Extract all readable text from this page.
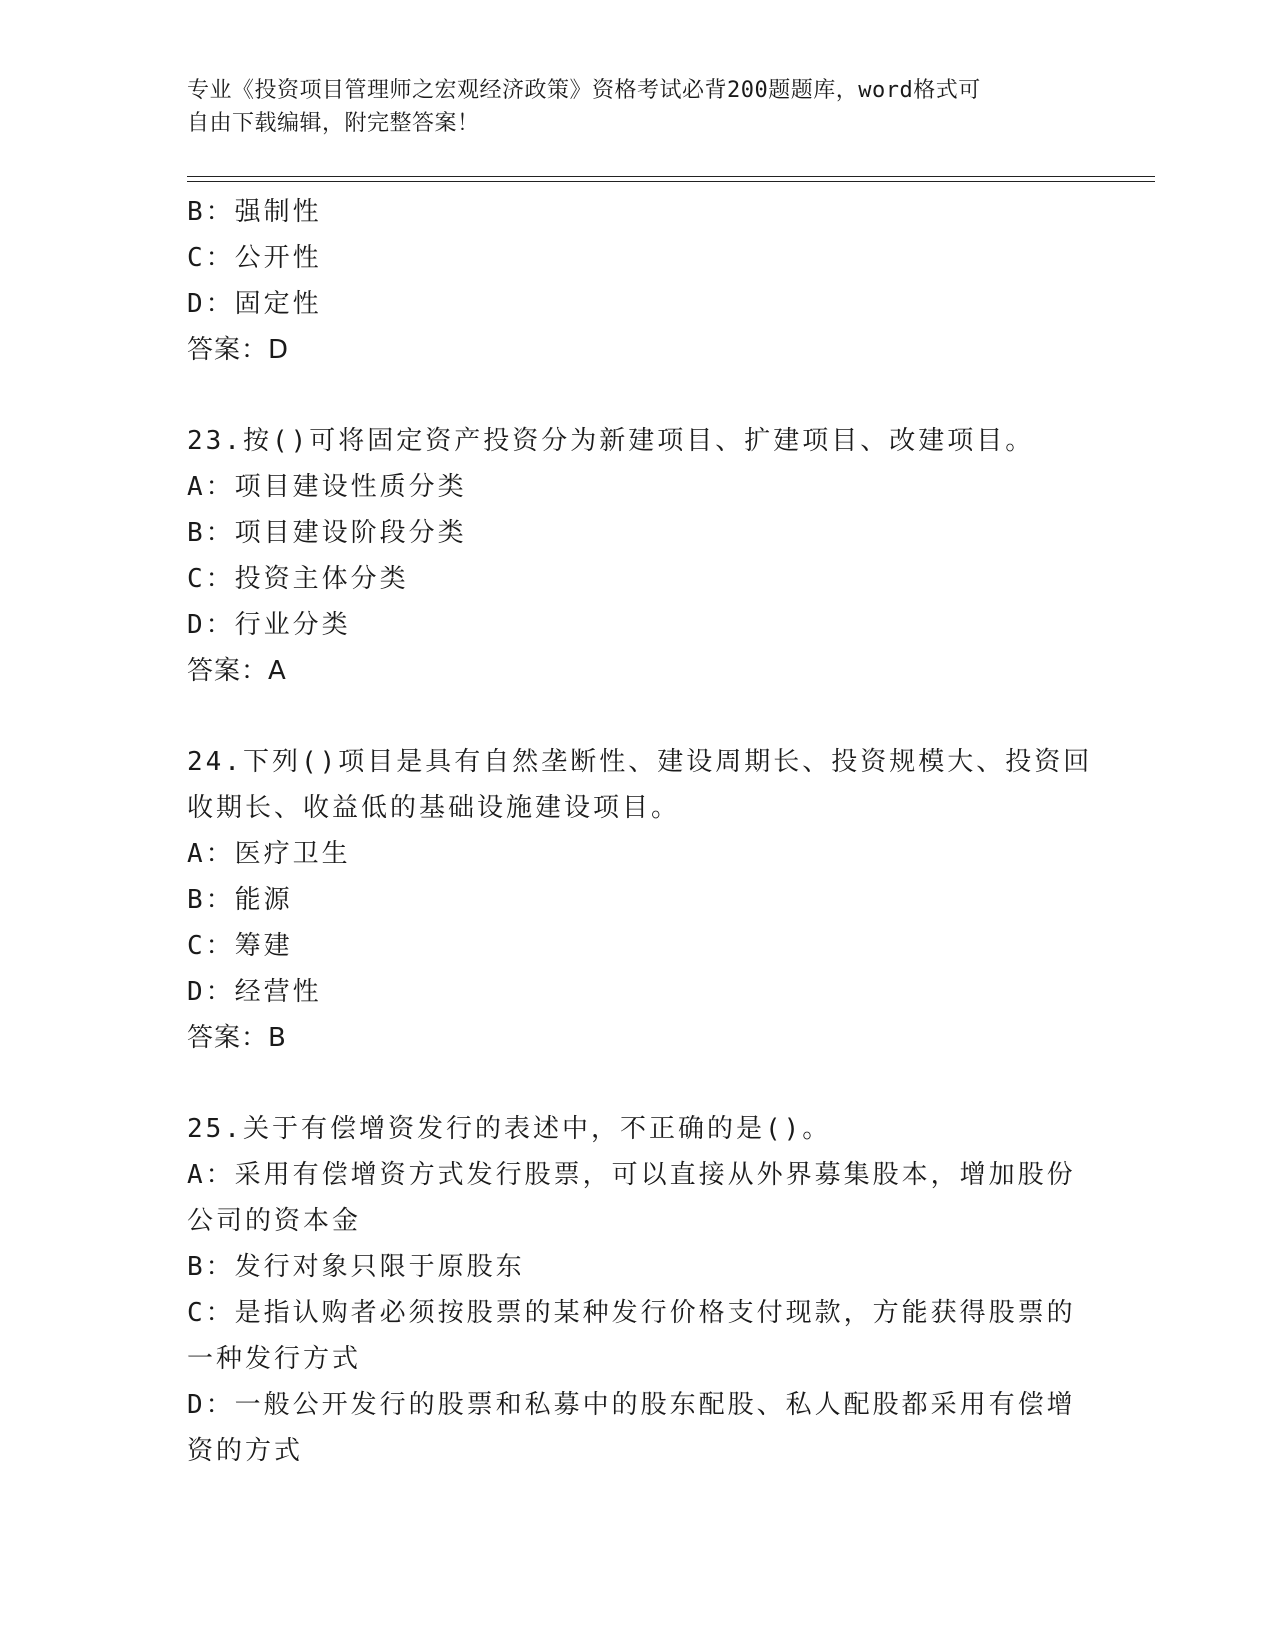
专业《投资项目管理师之宏观经济政策》资格考试必背200题题库，word格式可
自由下载编辑，附完整答案！
B：强制性
C：公开性
D：固定性
答案：D
23.按()可将固定资产投资分为新建项目、扩建项目、改建项目。
A：项目建设性质分类
B：项目建设阶段分类
C：投资主体分类
D：行业分类
答案：A
24.下列()项目是具有自然垄断性、建设周期长、投资规模大、投资回
收期长、收益低的基础设施建设项目。
A：医疗卫生
B：能源
C：筹建
D：经营性
答案：B
25.关于有偿增资发行的表述中，不正确的是()。
A：采用有偿增资方式发行股票，可以直接从外界募集股本，增加股份
公司的资本金
B：发行对象只限于原股东
C：是指认购者必须按股票的某种发行价格支付现款，方能获得股票的
一种发行方式
D：一般公开发行的股票和私募中的股东配股、私人配股都采用有偿增
资的方式
